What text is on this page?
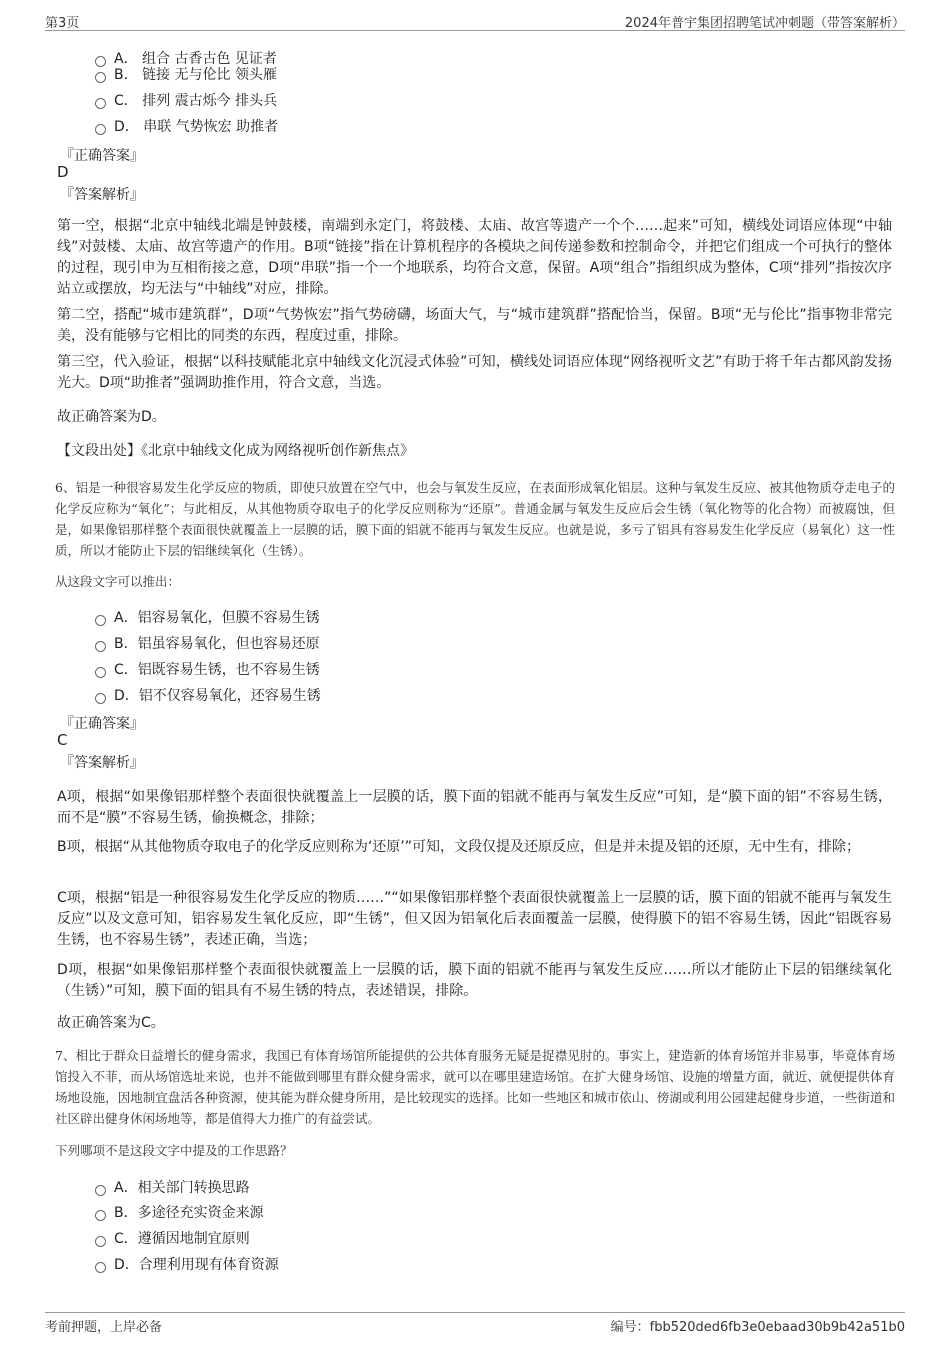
第3页	2024年普宇集团招聘笔试冲刺题（带答案解析）
A． 组合 古香古色 见证者
B． 链接 无与伦比 领头雁
C． 排列 震古烁今 排头兵
D． 串联 气势恢宏 助推者
『正确答案』
D
『答案解析』
第一空，根据“北京中轴线北端是钟鼓楼，南端到永定门，将鼓楼、太庙、故宫等遗产一个个……起来”可知，横线处词语应体现“中轴线”对鼓楼、太庙、故宫等遗产的作用。B项“链接”指在计算机程序的各模块之间传递参数和控制命令，并把它们组成一个可执行的整体的过程，现引申为互相衔接之意，D项“串联”指一个一个地联系，均符合文意，保留。A项“组合”指组织成为整体，C项“排列”指按次序站立或摆放，均无法与“中轴线”对应，排除。
第二空，搭配“城市建筑群”，D项“气势恢宏”指气势磅礴，场面大气，与“城市建筑群”搭配恰当，保留。B项“无与伦比”指事物非常完美，没有能够与它相比的同类的东西，程度过重，排除。
第三空，代入验证，根据“以科技赋能北京中轴线文化沉浸式体验”可知，横线处词语应体现“网络视听文艺”有助于将千年古都风韵发扬光大。D项“助推者”强调助推作用，符合文意，当选。
故正确答案为D。
【文段出处】《北京中轴线文化成为网络视听创作新焦点》
6、铝是一种很容易发生化学反应的物质，即使只放置在空气中，也会与氧发生反应，在表面形成氧化铝层。这种与氧发生反应、被其他物质夺走电子的化学反应称为“氧化”；与此相反，从其他物质夺取电子的化学反应则称为“还原”。普通金属与氧发生反应后会生锈（氧化物等的化合物）而被腐蚀，但是，如果像铝那样整个表面很快就覆盖上一层膜的话，膜下面的铝就不能再与氧发生反应。也就是说，多亏了铝具有容易发生化学反应（易氧化）这一性质，所以才能防止下层的铝继续氧化（生锈）。
从这段文字可以推出：
A．铝容易氧化，但膜不容易生锈
B．铝虽容易氧化，但也容易还原
C．铝既容易生锈，也不容易生锈
D．铝不仅容易氧化，还容易生锈
『正确答案』
C
『答案解析』
A项，根据“如果像铝那样整个表面很快就覆盖上一层膜的话，膜下面的铝就不能再与氧发生反应”可知，是“膜下面的铝”不容易生锈，而不是“膜”不容易生锈，偷换概念，排除；
B项，根据“从其他物质夺取电子的化学反应则称为‘还原’”可知，文段仅提及还原反应，但是并未提及铝的还原，无中生有，排除；
C项，根据“铝是一种很容易发生化学反应的物质……”“如果像铝那样整个表面很快就覆盖上一层膜的话，膜下面的铝就不能再与氧发生反应”以及文意可知，铝容易发生氧化反应，即“生锈”，但又因为铝氧化后表面覆盖一层膜，使得膜下的铝不容易生锈，因此“铝既容易生锈，也不容易生锈”，表述正确，当选；
D项，根据“如果像铝那样整个表面很快就覆盖上一层膜的话，膜下面的铝就不能再与氧发生反应……所以才能防止下层的铝继续氧化（生锈）”可知，膜下面的铝具有不易生锈的特点，表述错误，排除。
故正确答案为C。
7、相比于群众日益增长的健身需求，我国已有体育场馆所能提供的公共体育服务无疑是捉襟见肘的。事实上，建造新的体育场馆并非易事，毕竟体育场馆投入不菲，而从场馆选址来说，也并不能做到哪里有群众健身需求，就可以在哪里建造场馆。在扩大健身场馆、设施的增量方面，就近、就便提供体育场地设施，因地制宜盘活各种资源，使其能为群众健身所用，是比较现实的选择。比如一些地区和城市依山、傍湖或利用公园建起健身步道，一些街道和社区辟出健身休闲场地等，都是值得大力推广的有益尝试。
下列哪项不是这段文字中提及的工作思路？
A．相关部门转换思路
B．多途径充实资金来源
C．遵循因地制宜原则
D．合理利用现有体育资源
考前押题，上岸必备	编号：fbb520ded6fb3e0ebaad30b9b42a51b0
